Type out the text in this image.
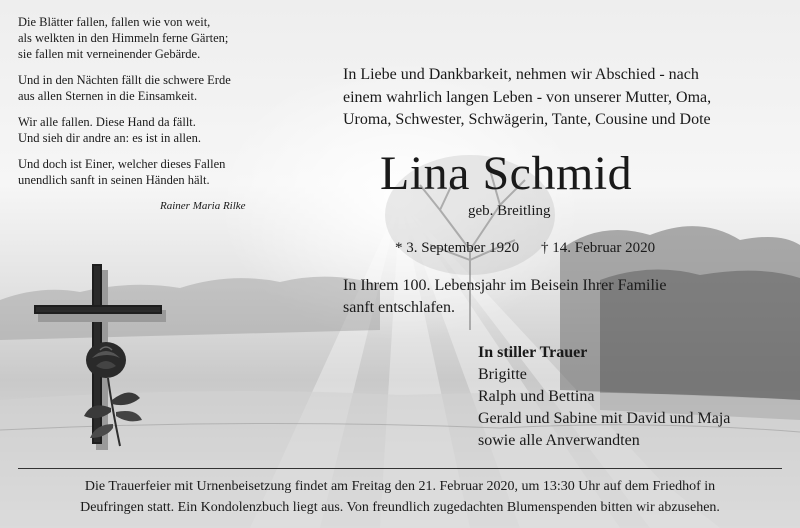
Die Blätter fallen, fallen wie von weit,
als welkten in den Himmeln ferne Gärten;
sie fallen mit verneinender Gebärde.

Und in den Nächten fällt die schwere Erde
aus allen Sternen in die Einsamkeit.

Wir alle fallen. Diese Hand da fällt.
Und sieh dir andre an: es ist in allen.

Und doch ist Einer, welcher dieses Fallen
unendlich sanft in seinen Händen hält.

Rainer Maria Rilke
In Liebe und Dankbarkeit, nehmen wir Abschied - nach
einem wahrlich langen Leben - von unserer Mutter, Oma,
Uroma, Schwester, Schwägerin, Tante, Cousine und Dote
Lina Schmid
geb. Breitling
* 3. September 1920 † 14. Februar 2020
In Ihrem 100. Lebensjahr im Beisein Ihrer Familie
sanft entschlafen.
In stiller Trauer
Brigitte
Ralph und Bettina
Gerald und Sabine mit David und Maja
sowie alle Anverwandten
Die Trauerfeier mit Urnenbeisetzung findet am Freitag den 21. Februar 2020, um 13:30 Uhr auf dem Friedhof in
Deufringen statt. Ein Kondolenzbuch liegt aus. Von freundlich zugedachten Blumenspenden bitten wir abzusehen.
